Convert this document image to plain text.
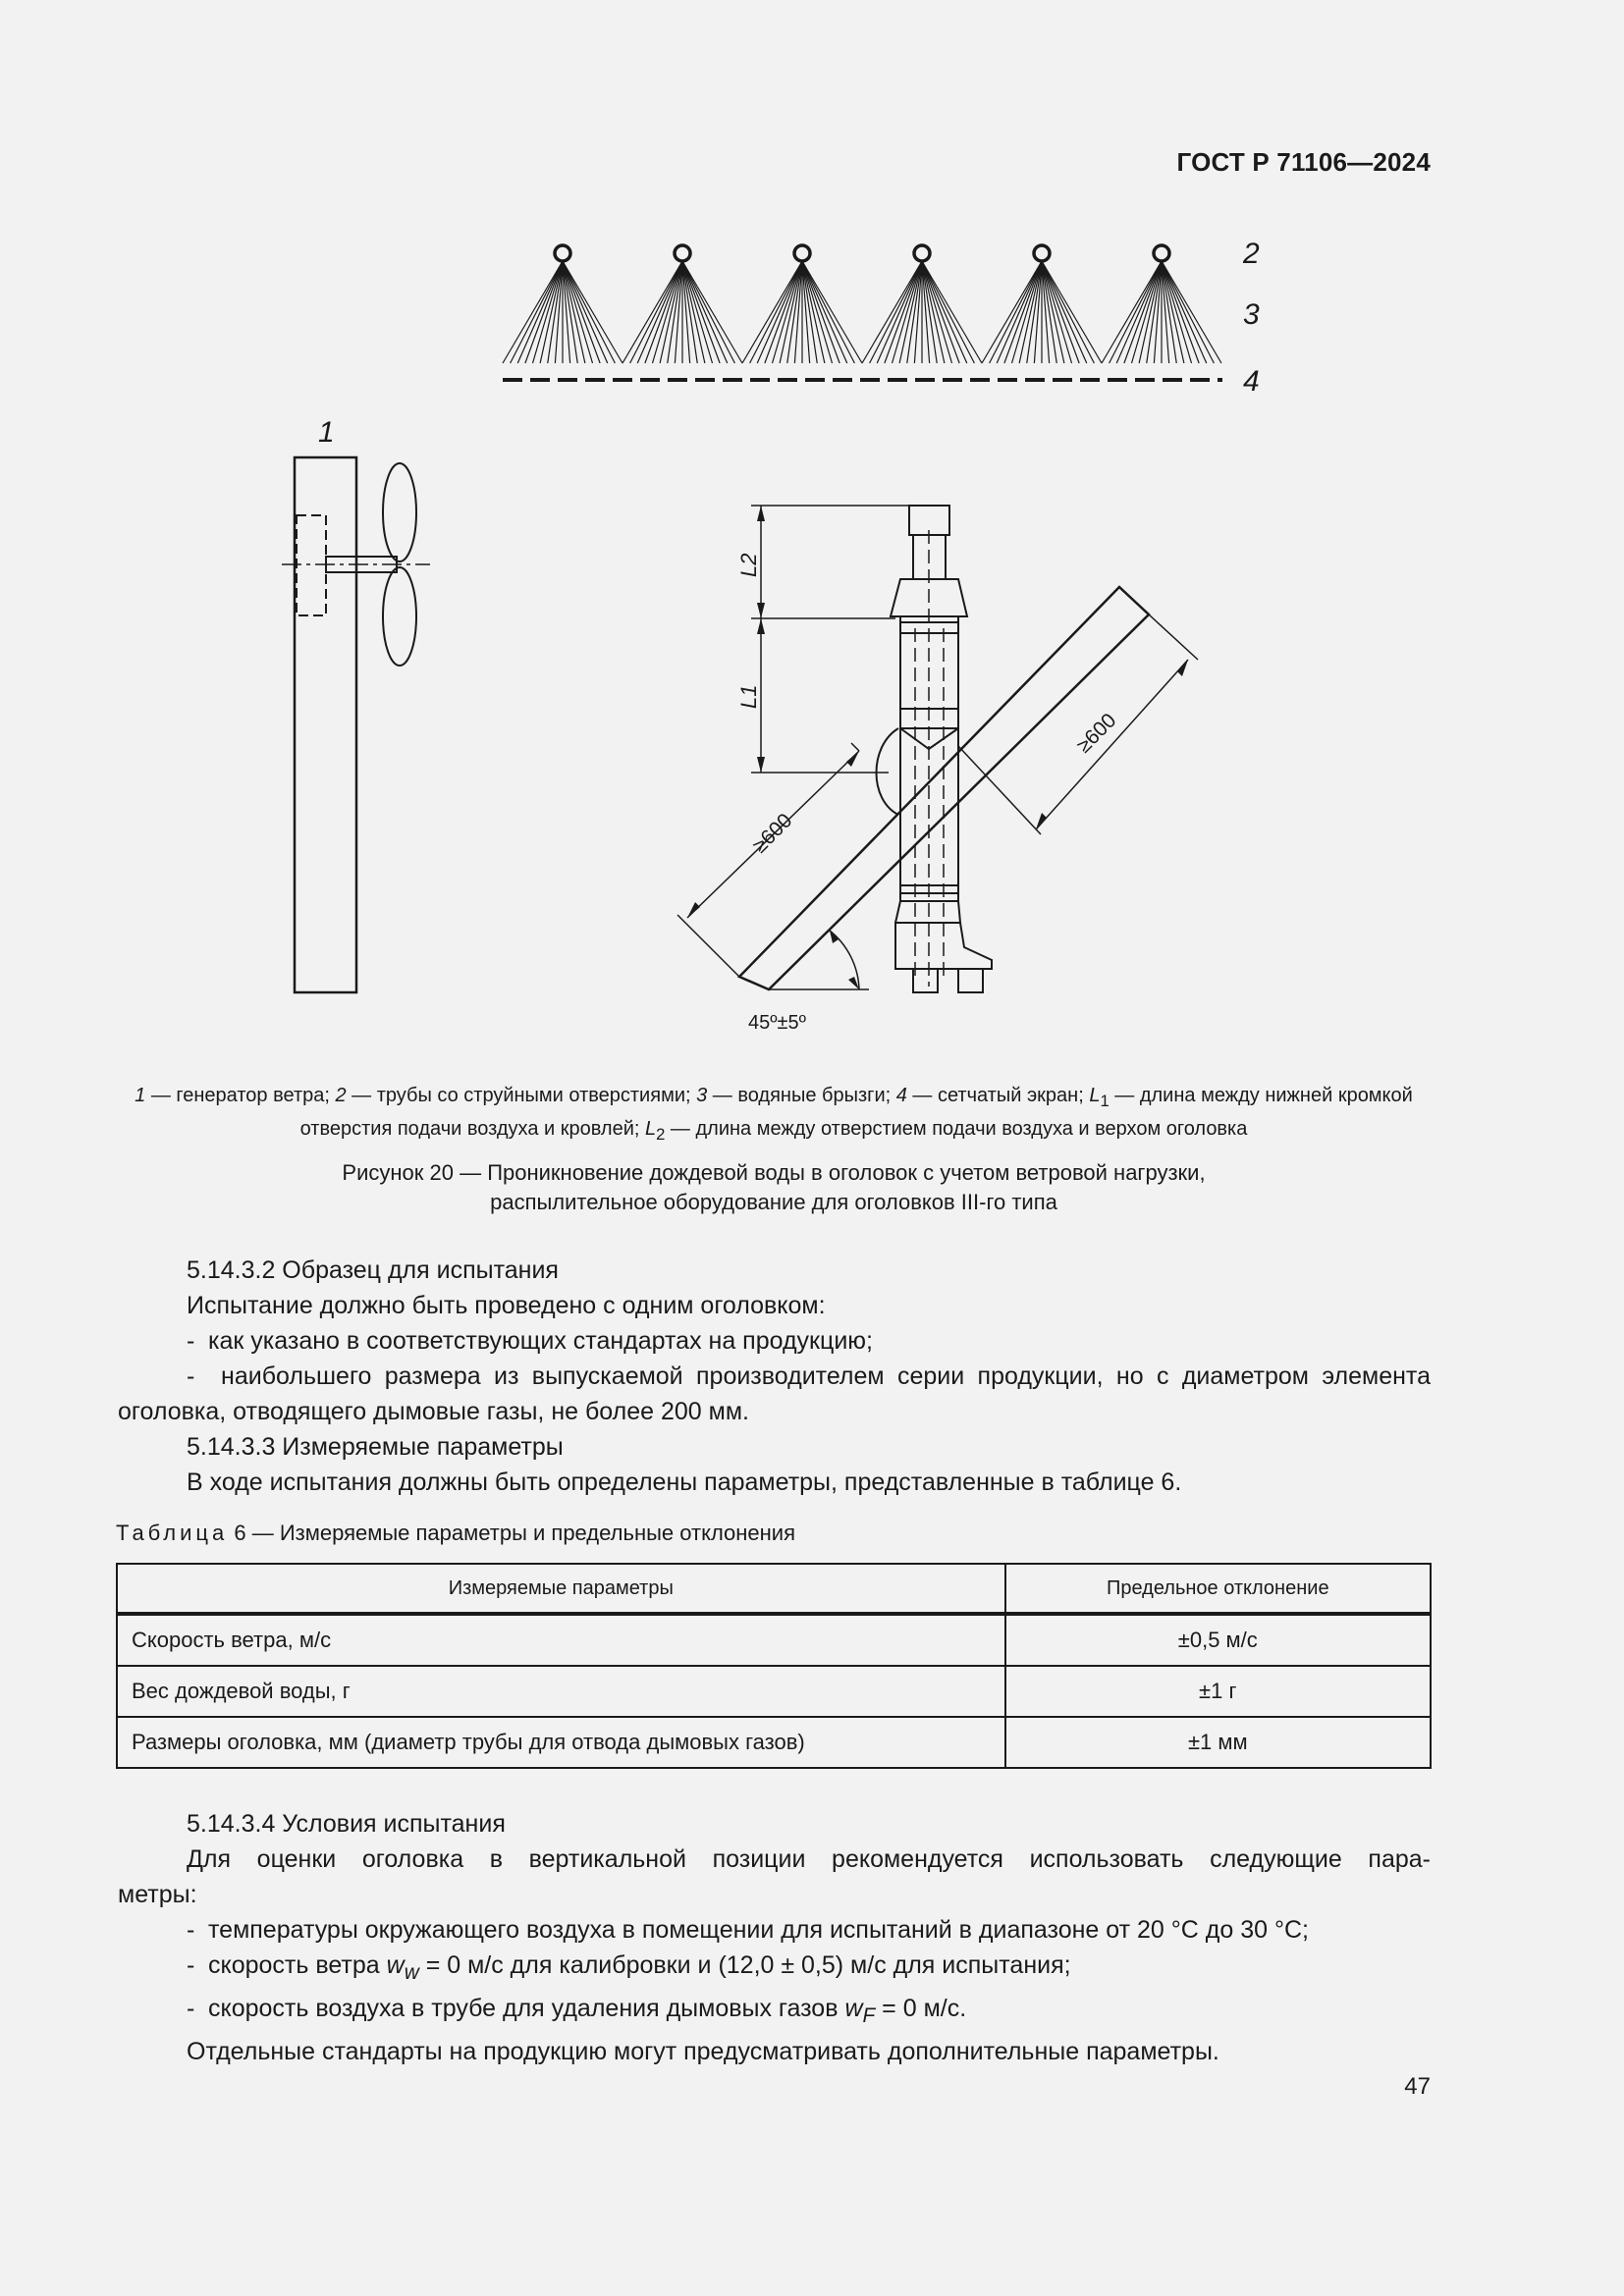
ГОСТ Р 71106—2024
1
2
3
4
L2
L1
≥600
≥600
45º±5º
1 — генератор ветра; 2 — трубы со струйными отверстиями; 3 — водяные брызги; 4 — сетчатый экран; $L_1$ — длина между нижней кромкой отверстия подачи воздуха и кровлей; $L_2$ — длина между отверстием подачи воздуха и верхом оголовка
Рисунок 20 — Проникновение дождевой воды в оголовок с учетом ветровой нагрузки,
распылительное оборудование для оголовков III-го типа

5.14.3.2 Образец для испытания

Испытание должно быть проведено с одним оголовком:

- как указано в соответствующих стандартах на продукцию;

-  наибольшего размера из выпускаемой производителем серии продукции, но с диаметром элемента оголовка, отводящего дымовые газы, не более 200 мм.

5.14.3.3 Измеряемые параметры

В ходе испытания должны быть определены параметры, представленные в таблице 6.

Таблица 6 — Измеряемые параметры и предельные отклонения
Измеряемые параметры	Предельное отклонение
Скорость ветра, м/с	±0,5 м/с
Вес дождевой воды, г	±1 г
Размеры оголовка, мм (диаметр трубы для отвода дымовых газов)	±1 мм

5.14.3.4 Условия испытания

Для оценки оголовка в вертикальной позиции рекомендуется использовать следующие пара-

метры:

- температуры окружающего воздуха в помещении для испытаний в диапазоне от 20 °С до 30 °С;
- скорость ветра $w_w = 0$ м/с для калибровки и (12,0 ± 0,5) м/с для испытания;
- скорость воздуха в трубе для удаления дымовых газов $w_F = 0$ м/с.

Отдельные стандарты на продукцию могут предусматривать дополнительные параметры.

47
